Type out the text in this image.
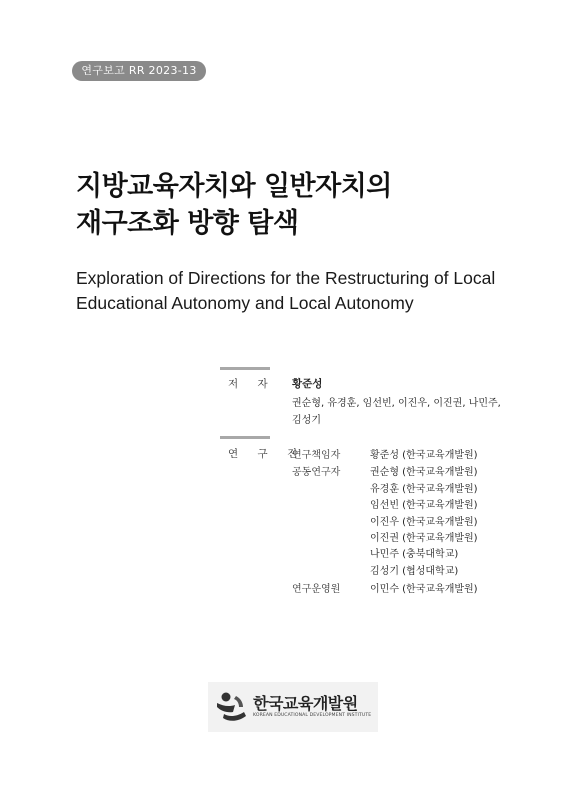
연구보고 RR 2023-13
지방교육자치와 일반자치의
재구조화 방향 탐색
Exploration of Directions for the Restructuring of Local
Educational Autonomy and Local Autonomy
저 자 황준성
권순형, 유경훈, 임선빈, 이진우, 이진권, 나민주,
김성기
연 구 진
연구책임자	황준성 (한국교육개발원)
공동연구자	권순형 (한국교육개발원)
유경훈 (한국교육개발원)
임선빈 (한국교육개발원)
이진우 (한국교육개발원)
이진권 (한국교육개발원)
나민주 (충북대학교)
김성기 (협성대학교)
연구운영원	이민수 (한국교육개발원)
한국교육개발원
KOREAN EDUCATIONAL DEVELOPMENT INSTITUTE
